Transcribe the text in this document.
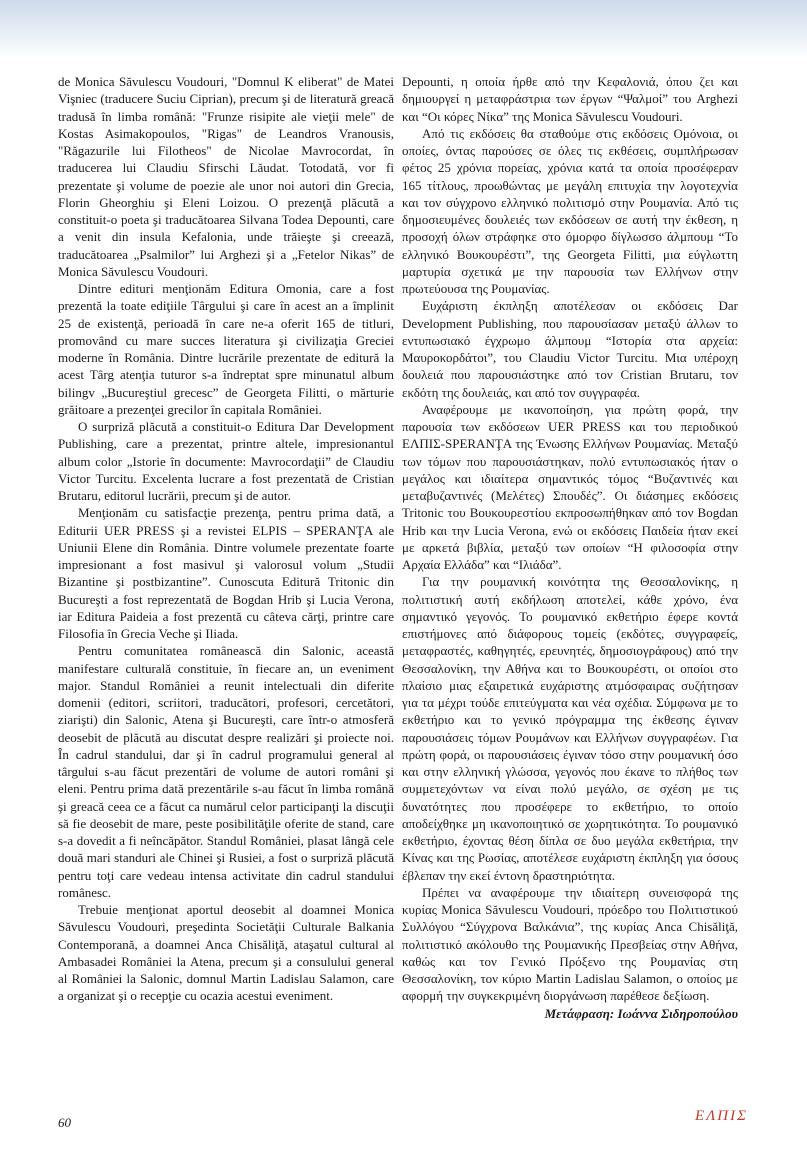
de Monica Săvulescu Voudouri, "Domnul K eliberat" de Matei Vişniec (traducere Suciu Ciprian), precum şi de literatură greacă tradusă în limba română: "Frunze risipite ale vieţii mele" de Kostas Asimakopoulos, "Rigas" de Leandros Vranousis, "Răgazurile lui Filotheos" de Nicolae Mavrocordat, în traducerea lui Claudiu Sfirschi Lăudat. Totodată, vor fi prezentate şi volume de poezie ale unor noi autori din Grecia, Florin Gheorghiu şi Eleni Loizou. O prezenţă plăcută a constituit-o poeta şi traducătoarea Silvana Todea Depounti, care a venit din insula Kefalonia, unde trăieşte şi creează, traducătoarea „Psalmilor” lui Arghezi şi a „Fetelor Nikas” de Monica Săvulescu Voudouri.

Dintre edituri menţionăm Editura Omonia, care a fost prezentă la toate ediţiile Târgului şi care în acest an a împlinit 25 de existenţă, perioadă în care ne-a oferit 165 de titluri, promovând cu mare succes literatura şi civilizaţia Greciei moderne în România. Dintre lucrările prezentate de editură la acest Târg atenţia tuturor s-a îndreptat spre minunatul album bilingv „Bucureştiul grecesc” de Georgeta Filitti, o mărturie grăitoare a prezenţei grecilor în capitala României.

O surpriză plăcută a constituit-o Editura Dar Development Publishing, care a prezentat, printre altele, impresionantul album color „Istorie în documente: Mavrocordaţii” de Claudiu Victor Turcitu. Excelenta lucrare a fost prezentată de Cristian Brutaru, editorul lucrării, precum şi de autor.

Menţionăm cu satisfacţie prezenţa, pentru prima dată, a Editurii UER PRESS şi a revistei ELPIS – SPERANŢA ale Uniunii Elene din România. Dintre volumele prezentate foarte impresionant a fost masivul şi valorosul volum „Studii Bizantine şi postbizantine”. Cunoscuta Editură Tritonic din Bucureşti a fost reprezentată de Bogdan Hrib şi Lucia Verona, iar Editura Paideia a fost prezentă cu câteva cărţi, printre care Filosofia în Grecia Veche şi Iliada.

Pentru comunitatea românească din Salonic, această manifestare culturală constituie, în fiecare an, un eveniment major. Standul României a reunit intelectuali din diferite domenii (editori, scriitori, traducători, profesori, cercetători, ziarişti) din Salonic, Atena şi Bucureşti, care într-o atmosferă deosebit de plăcută au discutat despre realizări şi proiecte noi. În cadrul standului, dar şi în cadrul programului general al târgului s-au făcut prezentări de volume de autori români şi eleni. Pentru prima dată prezentările s-au făcut în limba română şi greacă ceea ce a făcut ca numărul celor participanţi la discuţii să fie deosebit de mare, peste posibilităţile oferite de stand, care s-a dovedit a fi neîncăpător. Standul României, plasat lângă cele două mari standuri ale Chinei şi Rusiei, a fost o surpriză plăcută pentru toţi care vedeau intensa activitate din cadrul standului românesc.

Trebuie menţionat aportul deosebit al doamnei Monica Săvulescu Voudouri, preşedinta Societăţii Culturale Balkania Contemporană, a doamnei Anca Chisăliţă, ataşatul cultural al Ambasadei României la Atena, precum şi a consulului general al României la Salonic, domnul Martin Ladislau Salamon, care a organizat şi o recepţie cu ocazia acestui eveniment.

Depounti, η οποία ήρθε από την Κεφαλονιά, όπου ζει και δημιουργεί η μεταφράστρια των έργων “Ψαλμοί” του Arghezi και “Οι κόρες Νίκα” της Monica Săvulescu Voudouri.

Από τις εκδόσεις θα σταθούμε στις εκδόσεις Ομόνοια, οι οποίες, όντας παρούσες σε όλες τις εκθέσεις, συμπλήρωσαν φέτος 25 χρόνια πορείας, χρόνια κατά τα οποία προσέφεραν 165 τίτλους, προωθώντας με μεγάλη επιτυχία την λογοτεχνία και τον σύγχρονο ελληνικό πολιτισμό στην Ρουμανία. Από τις δημοσιευμένες δουλειές των εκδόσεων σε αυτή την έκθεση, η προσοχή όλων στράφηκε στο όμορφο δίγλωσσο άλμπουμ “Το ελληνικό Βουκουρέστι”, της Georgeta Filitti, μια εύγλωττη μαρτυρία σχετικά με την παρουσία των Ελλήνων στην πρωτεύουσα της Ρουμανίας.

Ευχάριστη έκπληξη αποτέλεσαν οι εκδόσεις Dar Development Publishing, που παρουσίασαν μεταξύ άλλων το εντυπωσιακό έγχρωμο άλμπουμ “Ιστορία στα αρχεία: Μαυροκορδάτοι”, του Claudiu Victor Turcitu. Μια υπέροχη δουλειά που παρουσιάστηκε από τον Cristian Brutaru, τον εκδότη της δουλειάς, και από τον συγγραφέα.

Αναφέρουμε με ικανοποίηση, για πρώτη φορά, την παρουσία των εκδόσεων UER PRESS και του περιοδικού ΕΛΠΙΣ-SPERANŢA της Ένωσης Ελλήνων Ρουμανίας. Μεταξύ των τόμων που παρουσιάστηκαν, πολύ εντυπωσιακός ήταν ο μεγάλος και ιδιαίτερα σημαντικός τόμος “Βυζαντινές και μεταβυζαντινές (Μελέτες) Σπουδές”. Οι διάσημες εκδόσεις Tritonic του Βουκουρεστίου εκπροσωπήθηκαν από τον Bogdan Hrib και την Lucia Verona, ενώ οι εκδόσεις Παιδεία ήταν εκεί με αρκετά βιβλία, μεταξύ των οποίων “Η φιλοσοφία στην Αρχαία Ελλάδα” και “Ιλιάδα”.

Για την ρουμανική κοινότητα της Θεσσαλονίκης, η πολιτιστική αυτή εκδήλωση αποτελεί, κάθε χρόνο, ένα σημαντικό γεγονός. Το ρουμανικό εκθετήριο έφερε κοντά επιστήμονες από διάφορους τομείς (εκδότες, συγγραφείς, μεταφραστές, καθηγητές, ερευνητές, δημοσιογράφους) από την Θεσσαλονίκη, την Αθήνα και το Βουκουρέστι, οι οποίοι στο πλαίσιο μιας εξαιρετικά ευχάριστης ατμόσφαιρας συζήτησαν για τα μέχρι τούδε επιτεύγματα και νέα σχέδια. Σύμφωνα με το εκθετήριο και το γενικό πρόγραμμα της έκθεσης έγιναν παρουσιάσεις τόμων Ρουμάνων και Ελλήνων συγγραφέων. Για πρώτη φορά, οι παρουσιάσεις έγιναν τόσο στην ρουμανική όσο και στην ελληνική γλώσσα, γεγονός που έκανε το πλήθος των συμμετεχόντων να είναι πολύ μεγάλο, σε σχέση με τις δυνατότητες που προσέφερε το εκθετήριο, το οποίο αποδείχθηκε μη ικανοποιητικό σε χωρητικότητα. Το ρουμανικό εκθετήριο, έχοντας θέση δίπλα σε δυο μεγάλα εκθετήρια, την Κίνας και της Ρωσίας, αποτέλεσε ευχάριστη έκπληξη για όσους έβλεπαν την εκεί έντονη δραστηριότητα.

Πρέπει να αναφέρουμε την ιδιαίτερη συνεισφορά της κυρίας Monica Săvulescu Voudouri, πρόεδρο του Πολιτιστικού Συλλόγου “Σύγχρονα Βαλκάνια”, της κυρίας Anca Chisăliţă, πολιτιστικό ακόλουθο της Ρουμανικής Πρεσβείας στην Αθήνα, καθώς και τον Γενικό Πρόξενο της Ρουμανίας στη Θεσσαλονίκη, τον κύριο Martin Ladislau Salamon, ο οποίος με αφορμή την συγκεκριμένη διοργάνωση παρέθεσε δεξίωση.

Μετάφραση: Ιωάννα Σιδηροπούλου

60	ΕΛΠΙΣ
